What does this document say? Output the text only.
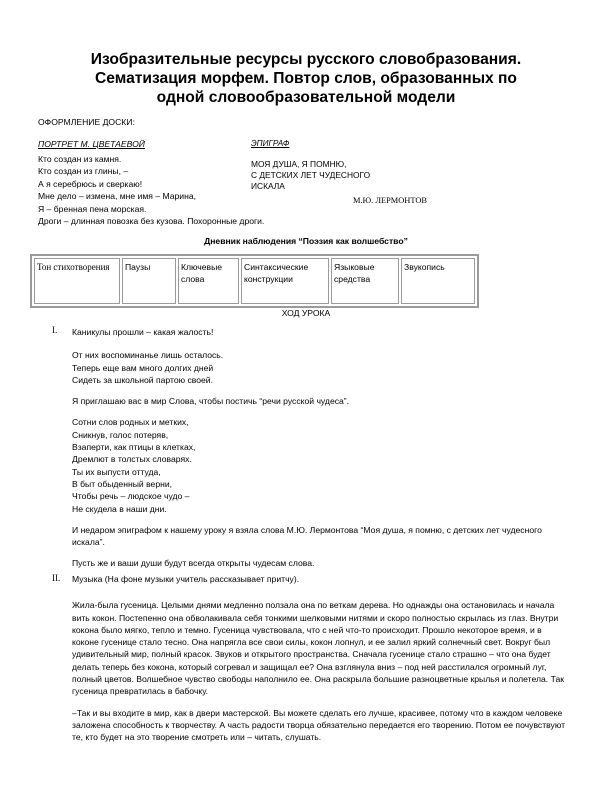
Изобразительные ресурсы русского словобразования.
Сематизация морфем. Повтор слов, образованных по
одной словообразовательной модели
ОФОРМЛЕНИЕ ДОСКИ:
ПОРТРЕТ М. ЦВЕТАЕВОЙ
Кто создан из камня.
Кто создан из глины, –
А я серебрюсь и сверкаю!
Мне дело – измена, мне имя – Марина,
Я – бренная пена морская.
ЭПИГРАФ
МОЯ ДУША, Я ПОМНЮ,
С ДЕТСКИХ ЛЕТ ЧУДЕСНОГО
ИСКАЛА
М.Ю. ЛЕРМОНТОВ
Дроги – длинная повозка без кузова. Похоронные дроги.
Дневник наблюдения “Поэзия как волшебство”
Тон стихотворения	Паузы	Ключевые слова	Синтаксические конструкции	Языковые средства	Звукопись
ХОД УРОКА
I. Каникулы прошли – какая жалость!

От них воспоминанье лишь осталось.

Теперь еще вам много долгих дней

Сидеть за школьной партою своей.

Я приглашаю вас в мир Слова, чтобы постичь “речи русской чудеса”.

Сотни слов родных и метких,

Сникнув, голос потеряв,

Взаперти, как птицы в клетках,

Дремлют в толстых словарях.

Ты их выпусти оттуда,

В быт обыденный верни,

Чтобы речь – людское чудо –

Не скудела в наши дни.

И недаром эпиграфом к нашему уроку я взяла слова М.Ю. Лермонтова “Моя душа, я помню, с детских лет чудесного искала”.

Пусть же и ваши души будут всегда открыты чудесам слова.

II. Музыка (На фоне музыки учитель рассказывает притчу).

Жила-была гусеница. Целыми днями медленно ползала она по веткам дерева. Но однажды она остановилась и начала вить кокон. Постепенно она обволакивала себя тонкими шелковыми нитями и скоро полностью скрылась из глаз. Внутри кокона было мягко, тепло и темно. Гусеница чувствовала, что с ней что-то происходит. Прошло некоторое время, и в коконе гусенице стало тесно. Она напрягла все свои силы, кокон лопнул, и ее залил яркий солнечный свет. Вокруг был удивительный мир, полный красок. Звуков и открытого пространства. Сначала гусенице стало страшно – что она будет делать теперь без кокона, который согревал и защищал ее? Она взглянула вниз – под ней расстилался огромный луг, полный цветов. Волшебное чувство свободы наполнило ее. Она раскрыла большие разноцветные крылья и полетела. Так гусеница превратилась в бабочку.

–Так и вы входите в мир, как в двери мастерской. Вы можете сделать его лучше, красивее, потому что в каждом человеке заложена способность к творчеству. А часть радости творца обязательно передается его творению. Потом ее почувствуют те, кто будет на это творение смотреть или – читать, слушать.
